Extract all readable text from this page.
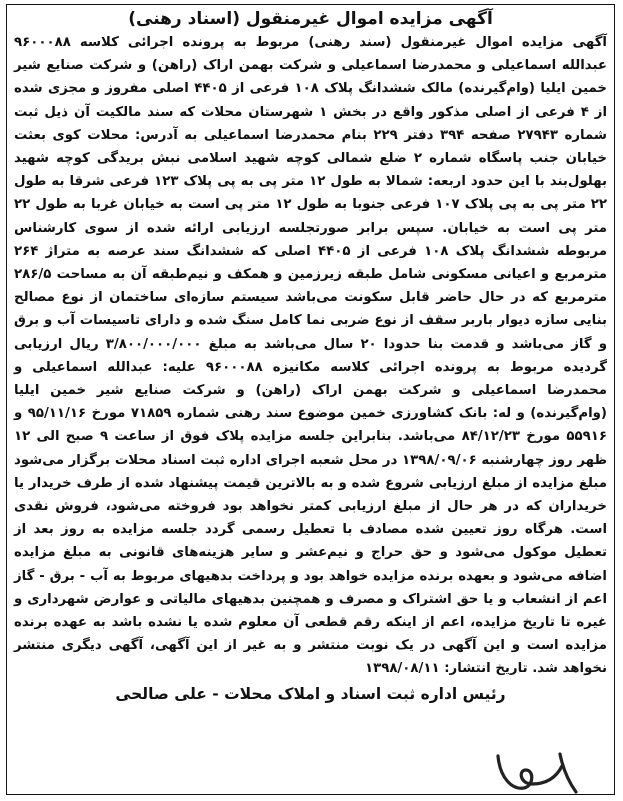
آگهی مزایده اموال غیرمنقول (اسناد رهنی)

آگهی مزایده اموال غیرمنقول (سند رهنی) مربوط به پرونده اجرائی کلاسه ۹۶۰۰۰۸۸ عبدالله اسماعیلی و محمدرضا اسماعیلی و شرکت بهمن اراک (راهن) و شرکت صنایع شیر خمین ایلیا (وام‌گیرنده) مالک ششدانگ پلاک ۱۰۸ فرعی از ۴۴۰۵ اصلی مفروز و مجزی شده از ۴ فرعی از اصلی مذکور واقع در بخش ۱ شهرستان محلات که سند مالکیت آن ذیل ثبت شماره ۲۷۹۴۳ صفحه ۳۹۴ دفتر ۲۲۹ بنام محمدرضا اسماعیلی به آدرس: محلات کوی بعثت خیابان جنب پاسگاه شماره ۲ ضلع شمالی کوچه شهید اسلامی نبش بریدگی کوچه شهید بهلول‌بند با این حدود اربعه: شمالا به طول ۱۲ متر پی به پی پلاک ۱۲۳ فرعی شرقا به طول ۲۲ متر پی به پی پلاک ۱۰۷ فرعی جنوبا به طول ۱۲ متر پی است به خیابان غربا به طول ۲۲ متر پی است به خیابان. سپس برابر صورتجلسه ارزیابی ارائه شده از سوی کارشناس مربوطه ششدانگ پلاک ۱۰۸ فرعی از ۴۴۰۵ اصلی که ششدانگ سند عرصه به متراژ ۲۶۴ مترمربع و اعیانی مسکونی شامل طبقه زیرزمین و همکف و نیم‌طبقه آن به مساحت ۲۸۶/۵ مترمربع که در حال حاضر قابل سکونت می‌باشد سیستم سازه‌ای ساختمان از نوع مصالح بنایی سازه دیوار باربر سقف از نوع ضربی نما کامل سنگ شده و دارای تاسیسات آب و برق و گاز می‌باشد و قدمت بنا حدودا ۲۰ سال می‌باشد به مبلغ ۳/۸۰۰/۰۰۰/۰۰۰ ریال ارزیابی گردیده مربوط به پرونده اجرائی کلاسه مکانیزه ۹۶۰۰۰۸۸ علیه: عبدالله اسماعیلی و محمدرضا اسماعیلی و شرکت بهمن اراک (راهن) و شرکت صنایع شیر خمین ایلیا (وام‌گیرنده) و له: بانک کشاورزی خمین موضوع سند رهنی شماره ۷۱۸۵۹ مورخ ۹۵/۱۱/۱۶ و ۵۵۹۱۶ مورخ ۸۴/۱۲/۲۳ می‌باشد. بنابراین جلسه مزایده پلاک فوق از ساعت ۹ صبح الی ۱۲ ظهر روز چهارشنبه ۱۳۹۸/۰۹/۰۶ در محل شعبه اجرای اداره ثبت اسناد محلات برگزار می‌شود مبلغ مزایده از مبلغ ارزیابی شروع شده و به بالاترین قیمت پیشنهاد شده از طرف خریدار یا خریداران که در هر حال از مبلغ ارزیابی کمتر نخواهد بود فروخته می‌شود، فروش نقدی است. هرگاه روز تعیین شده مصادف با تعطیل رسمی گردد جلسه مزایده به روز بعد از تعطیل موکول می‌شود و حق حراج و نیم‌عشر و سایر هزینه‌های قانونی به مبلغ مزایده اضافه می‌شود و بعهده برنده مزایده خواهد بود و پرداخت بدهیهای مربوط به آب - برق - گاز اعم از انشعاب و یا حق اشتراک و مصرف و همچنین بدهیهای مالیاتی و عوارض شهرداری و غیره تا تاریخ مزایده، اعم از اینکه رقم قطعی آن معلوم شده یا نشده باشد به عهده برنده مزایده است و این آگهی در یک نوبت منتشر و به غیر از این آگهی، آگهی دیگری منتشر نخواهد شد. تاریخ انتشار: ۱۳۹۸/۰۸/۱۱

رئیس اداره ثبت اسناد و املاک محلات - علی صالحی
